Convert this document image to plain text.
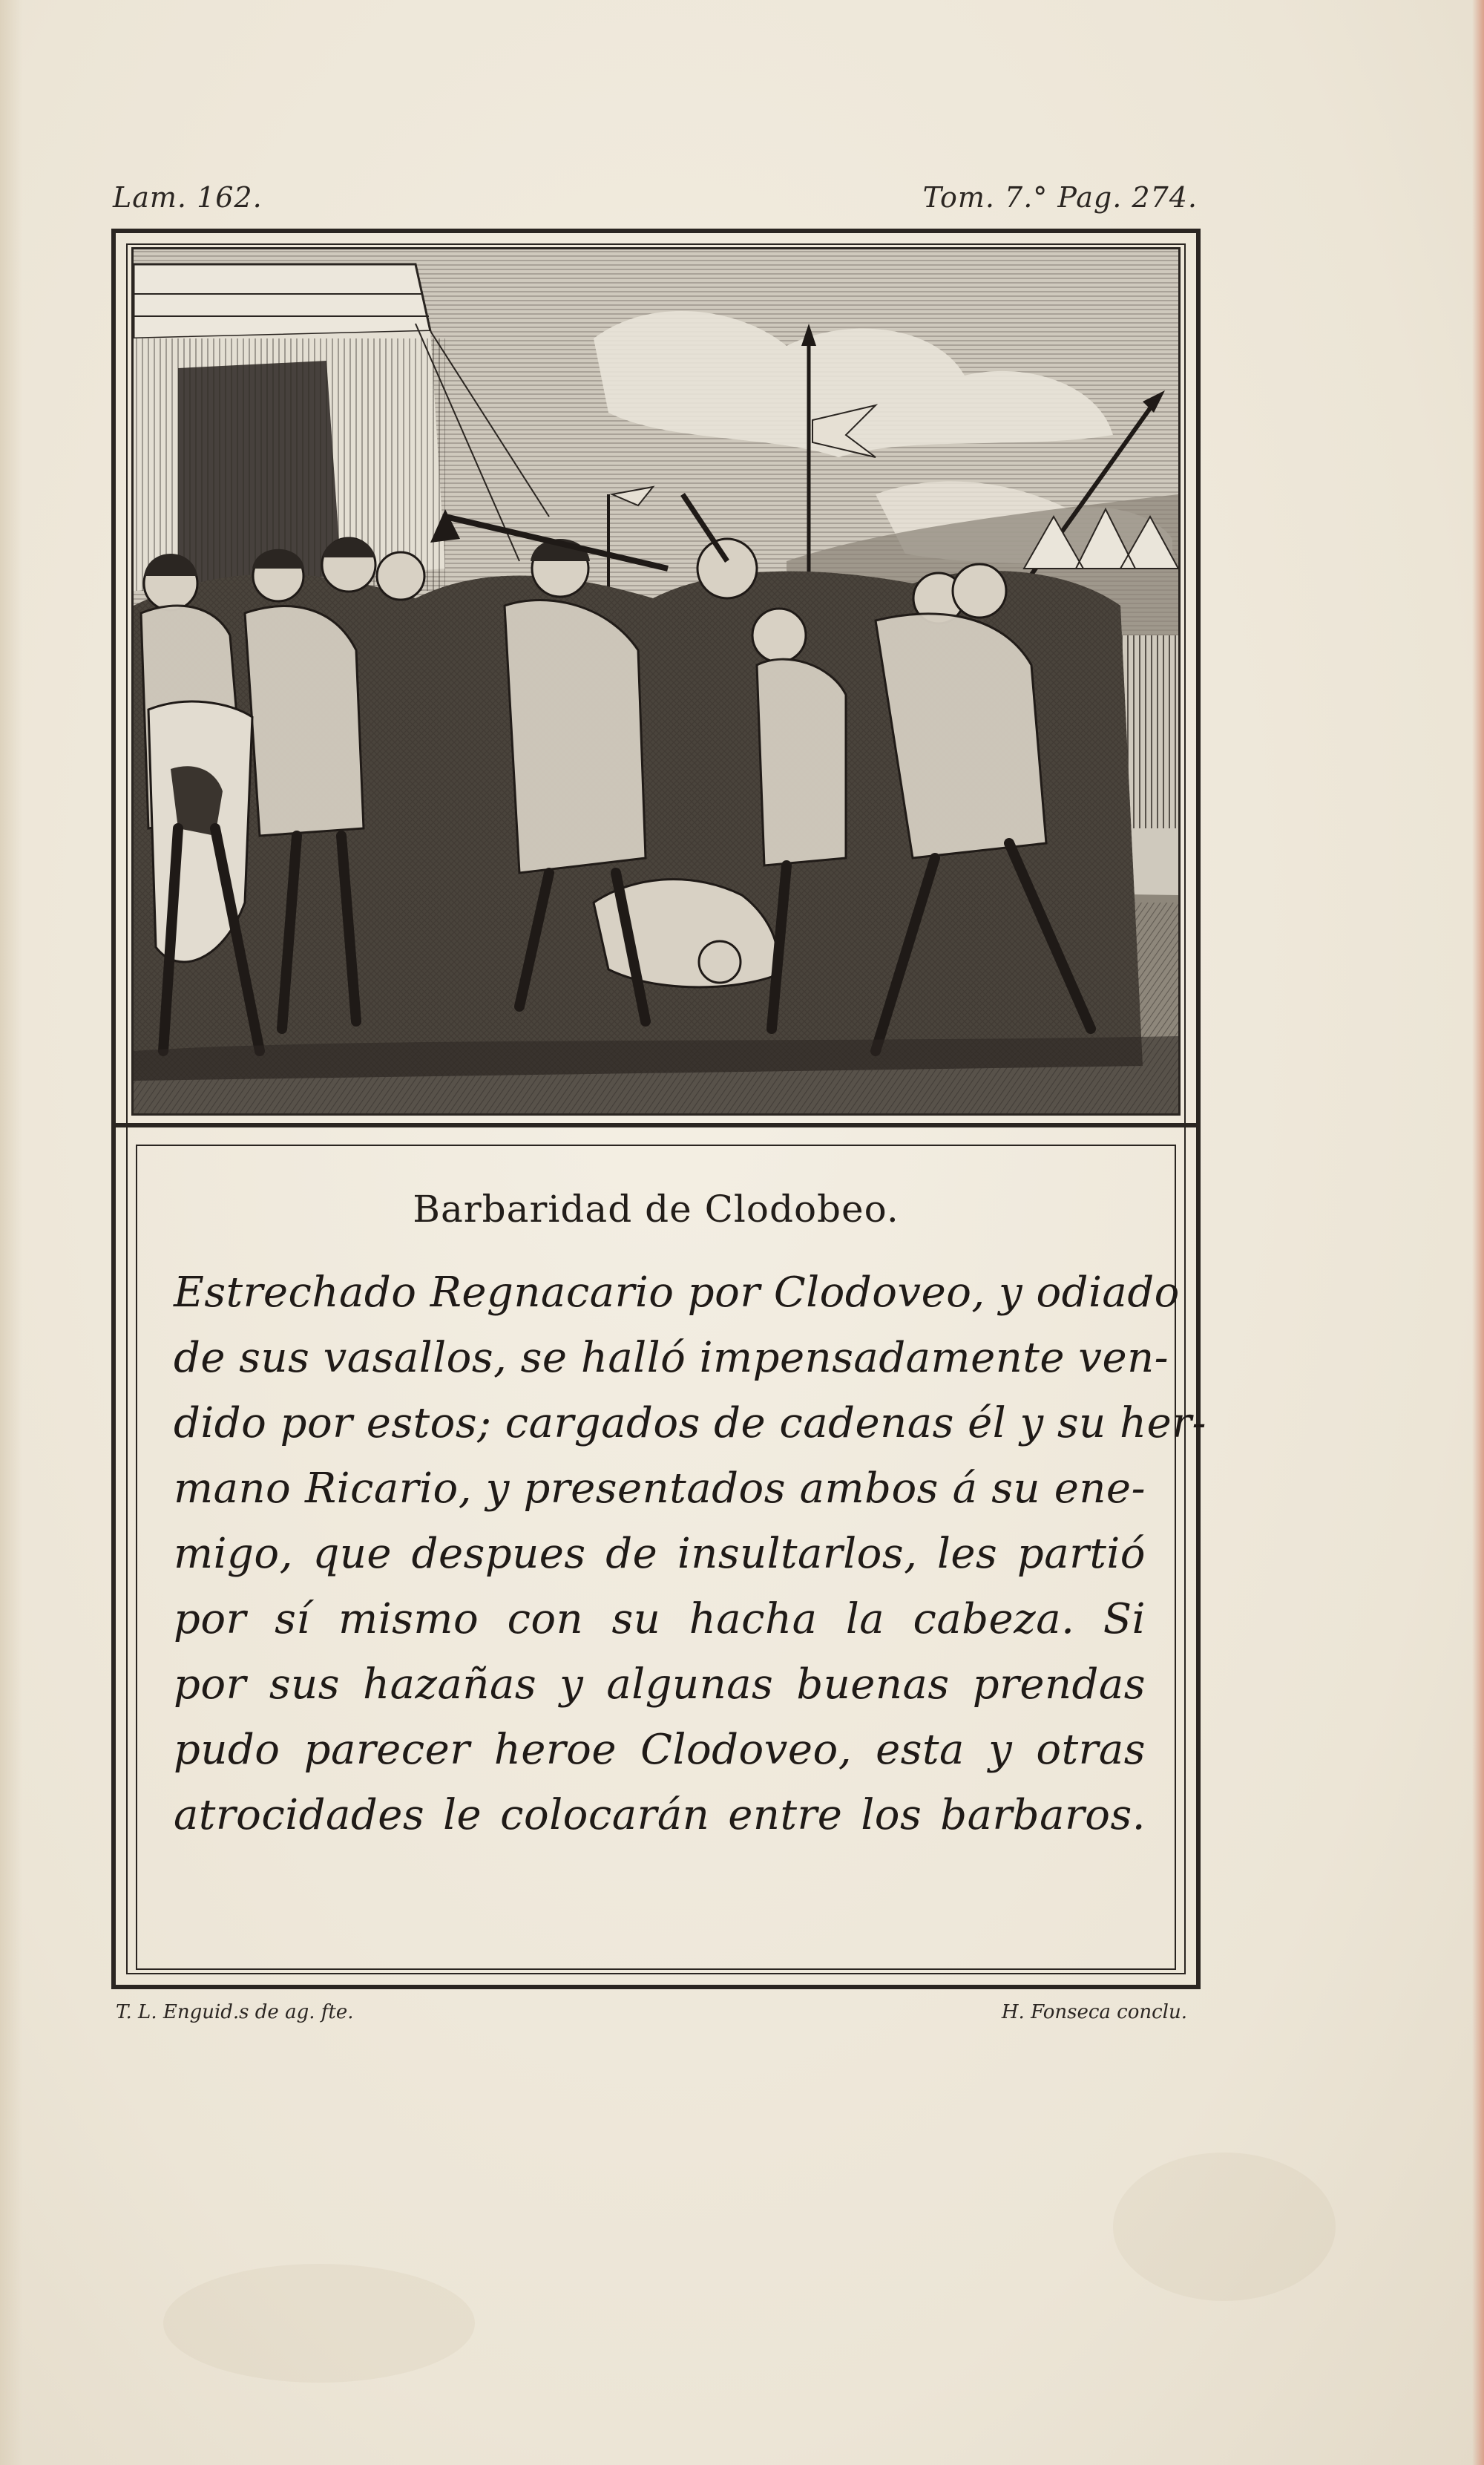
Lam. 162.	Tom. 7.° Pag. 274.
Barbaridad de Clodobeo.
Estrechado Regnacario por Clodoveo, y odiado
de sus vasallos, se halló impensadamente ven-
dido por estos; cargados de cadenas él y su her-
mano Ricario, y presentados ambos á su ene-
migo, que despues de insultarlos, les partió
por sí mismo con su hacha la cabeza. Si
por sus hazañas y algunas buenas prendas
pudo parecer heroe Clodoveo, esta y otras
atrocidades le colocarán entre los barbaros.
T. L. Enguid.s de ag. fte.	H. Fonseca conclu.
